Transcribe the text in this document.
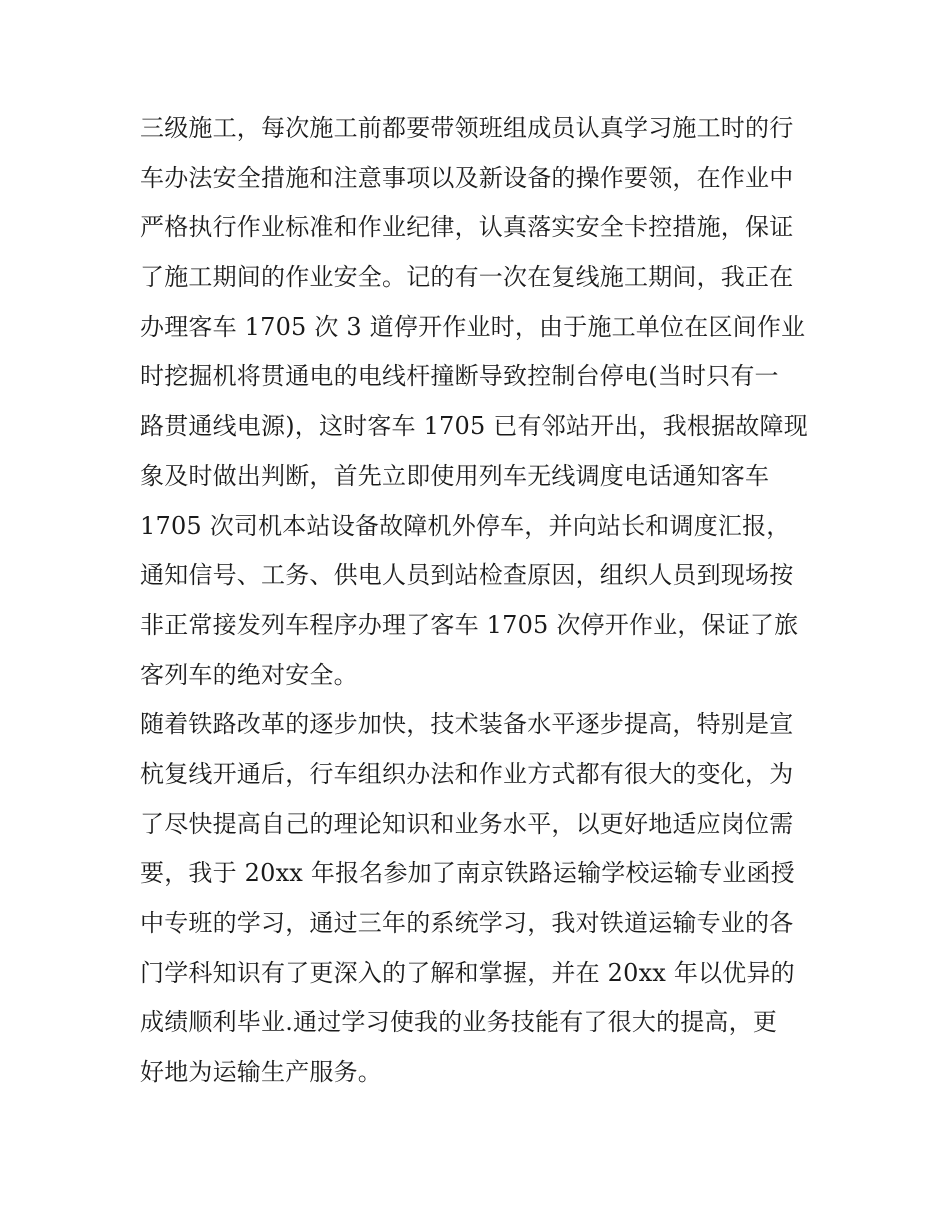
三级施工，每次施工前都要带领班组成员认真学习施工时的行
车办法安全措施和注意事项以及新设备的操作要领，在作业中
严格执行作业标准和作业纪律，认真落实安全卡控措施，保证
了施工期间的作业安全。记的有一次在复线施工期间，我正在
办理客车 1705 次 3 道停开作业时，由于施工单位在区间作业
时挖掘机将贯通电的电线杆撞断导致控制台停电(当时只有一
路贯通线电源)，这时客车 1705 已有邻站开出，我根据故障现
象及时做出判断，首先立即使用列车无线调度电话通知客车
1705 次司机本站设备故障机外停车，并向站长和调度汇报，
通知信号、工务、供电人员到站检查原因，组织人员到现场按
非正常接发列车程序办理了客车 1705 次停开作业，保证了旅
客列车的绝对安全。
随着铁路改革的逐步加快，技术装备水平逐步提高，特别是宣
杭复线开通后，行车组织办法和作业方式都有很大的变化，为
了尽快提高自己的理论知识和业务水平，以更好地适应岗位需
要，我于 20xx 年报名参加了南京铁路运输学校运输专业函授
中专班的学习，通过三年的系统学习，我对铁道运输专业的各
门学科知识有了更深入的了解和掌握，并在 20xx 年以优异的
成绩顺利毕业.通过学习使我的业务技能有了很大的提高，更
好地为运输生产服务。
